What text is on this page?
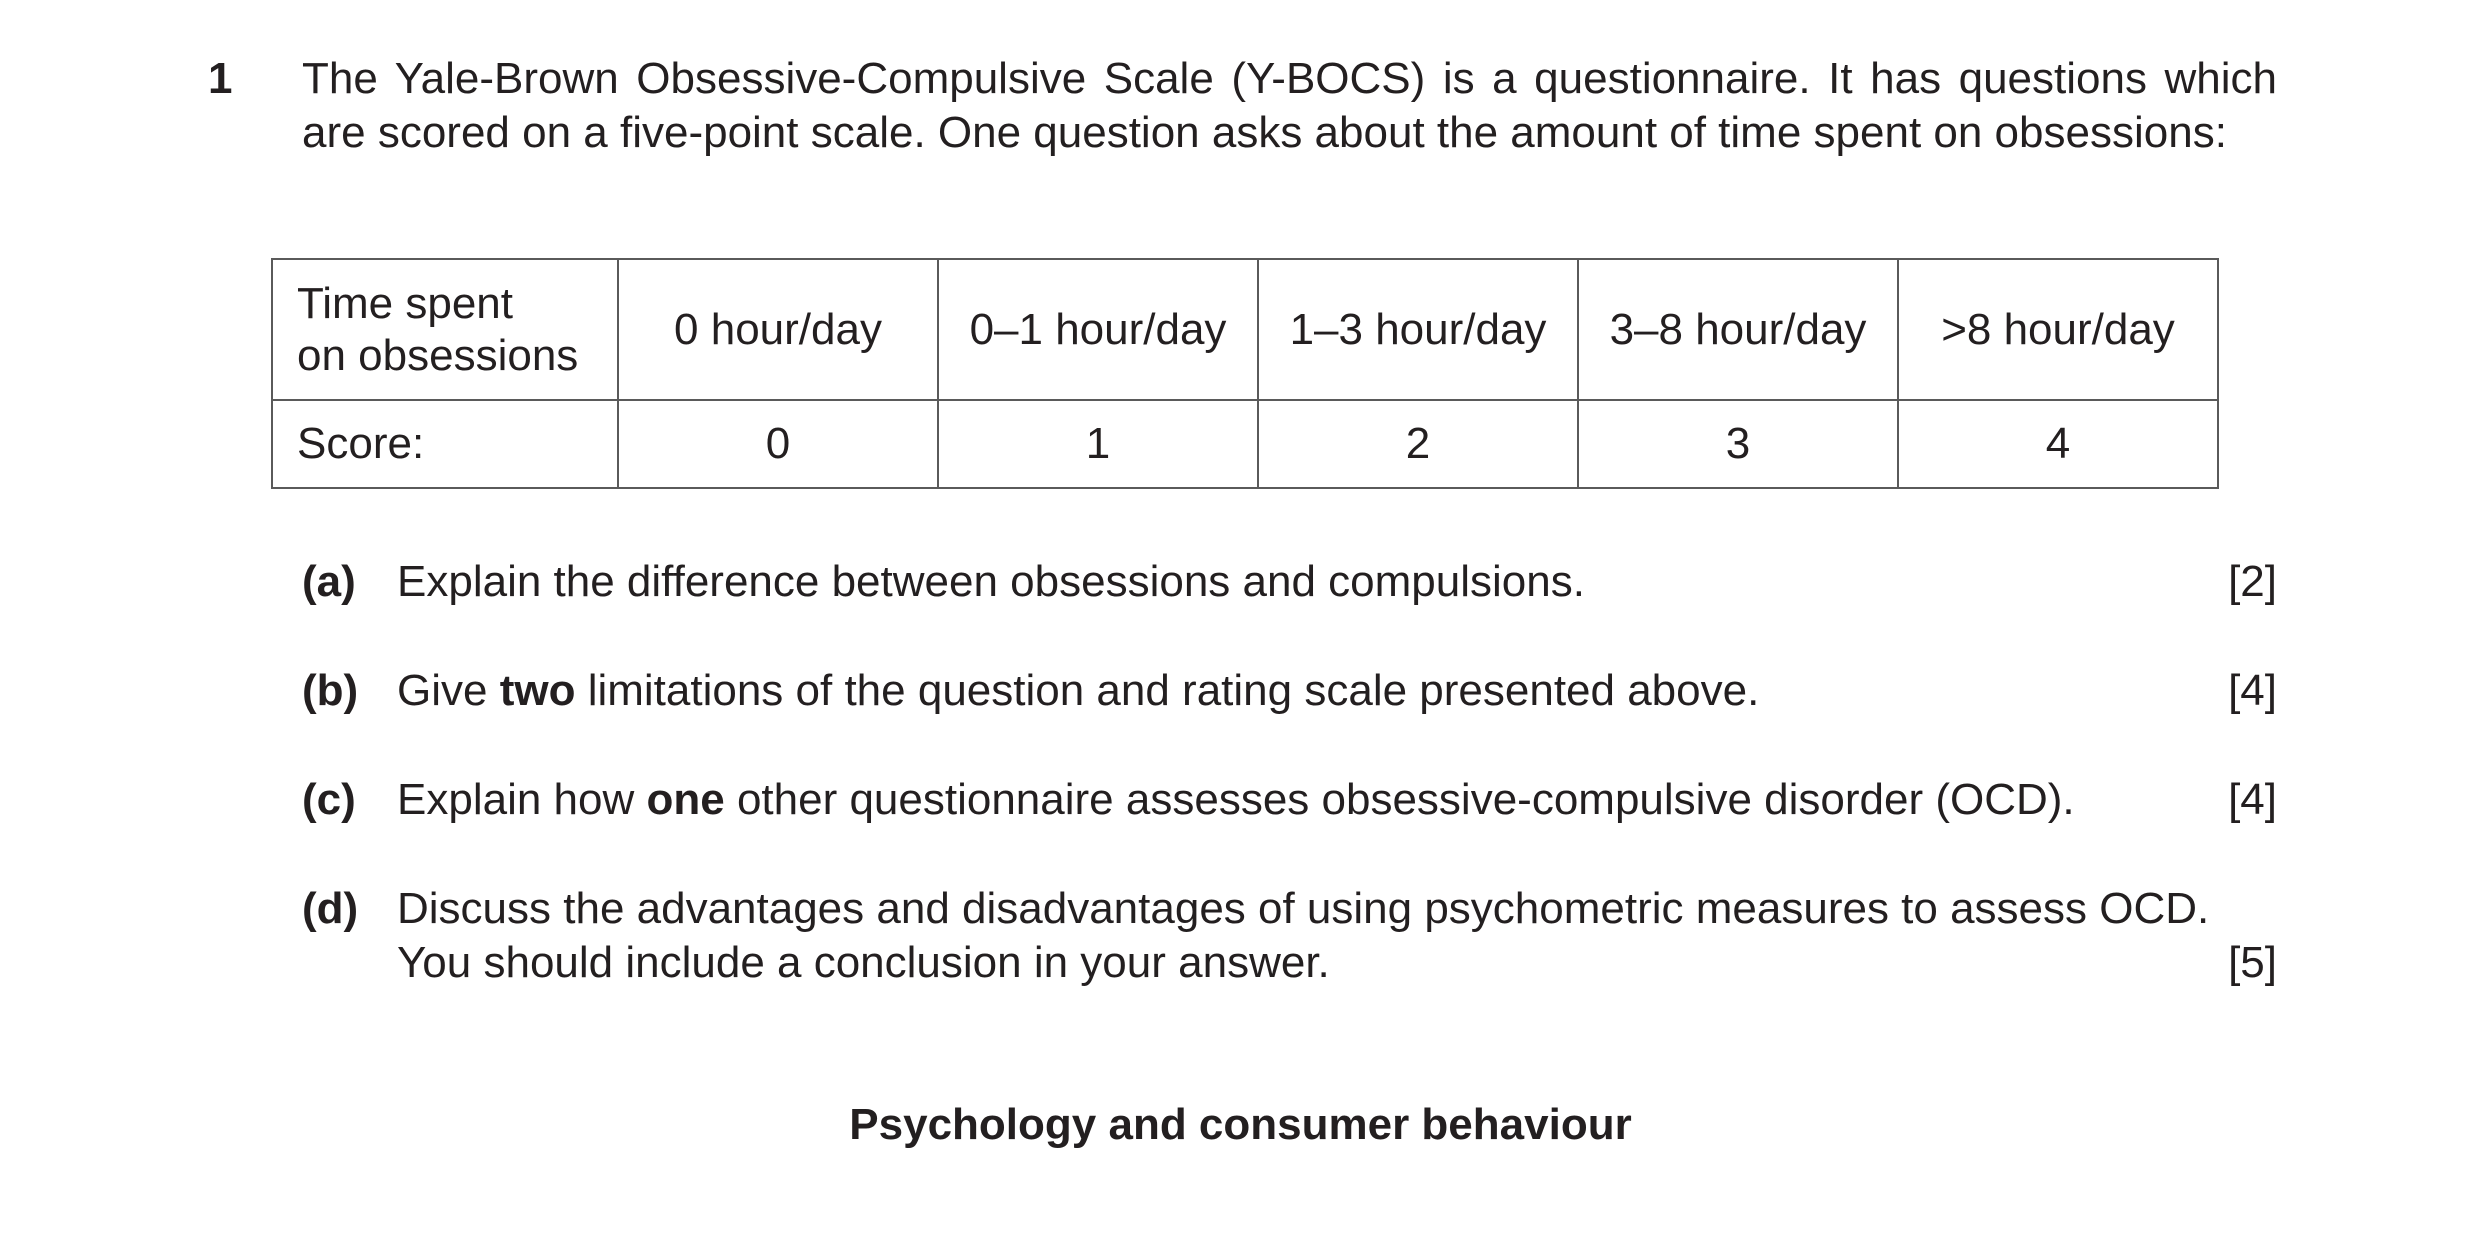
1 The Yale-Brown Obsessive-Compulsive Scale (Y-BOCS) is a questionnaire. It has questions which are scored on a five-point scale. One question asks about the amount of time spent on obsessions:
Time spent
on obsessions	0 hour/day	0–1 hour/day	1–3 hour/day	3–8 hour/day	>8 hour/day
Score:	0	1	2	3	4
(a) Explain the difference between obsessions and compulsions.	[2]
(b) Give two limitations of the question and rating scale presented above.	[4]
(c) Explain how one other questionnaire assesses obsessive-compulsive disorder (OCD).	[4]
(d) Discuss the advantages and disadvantages of using psychometric measures to assess OCD.
You should include a conclusion in your answer.	[5]
Psychology and consumer behaviour
